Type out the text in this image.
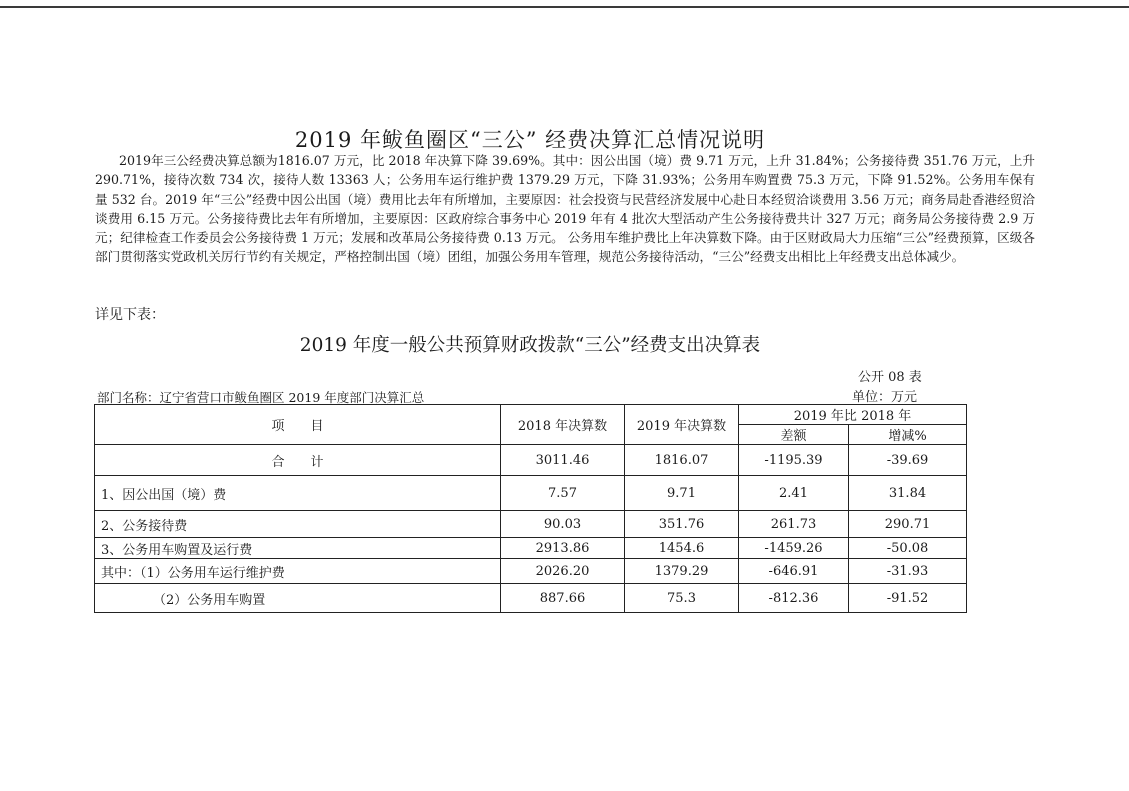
2019 年鲅鱼圈区“三公” 经费决算汇总情况说明

2019年三公经费决算总额为1816.07 万元，比 2018 年决算下降 39.69%。其中：因公出国（境）费 9.71 万元，上升 31.84%；公务接待费 351.76 万元，上升 290.71%，接待次数 734 次，接待人数 13363 人；公务用车运行维护费 1379.29 万元，下降 31.93%；公务用车购置费 75.3 万元，下降 91.52%。公务用车保有量 532 台。2019 年“三公”经费中因公出国（境）费用比去年有所增加，主要原因：社会投资与民营经济发展中心赴日本经贸洽谈费用 3.56 万元；商务局赴香港经贸洽谈费用 6.15 万元。公务接待费比去年有所增加，主要原因：区政府综合事务中心 2019 年有 4 批次大型活动产生公务接待费共计 327 万元；商务局公务接待费 2.9 万元；纪律检查工作委员会公务接待费 1 万元；发展和改革局公务接待费 0.13 万元。 公务用车维护费比上年决算数下降。由于区财政局大力压缩“三公”经费预算，区级各部门贯彻落实党政机关厉行节约有关规定，严格控制出国（境）团组，加强公务用车管理，规范公务接待活动，“三公”经费支出相比上年经费支出总体减少。

详见下表：
2019 年度一般公共预算财政拨款“三公”经费支出决算表
公开 08 表
单位：万元
部门名称：辽宁省营口市鲅鱼圈区 2019 年度部门决算汇总
项　　目	2018 年决算数	2019 年决算数	2019 年比 2018 年	
			差额	增减%
合　　计	3011.46	1816.07	-1195.39	-39.69
1、因公出国（境）费	7.57	9.71	2.41	31.84
2、公务接待费	90.03	351.76	261.73	290.71
3、公务用车购置及运行费	2913.86	1454.6	-1459.26	-50.08
其中：（1）公务用车运行维护费	2026.20	1379.29	-646.91	-31.93
（2）公务用车购置	887.66	75.3	-812.36	-91.52
